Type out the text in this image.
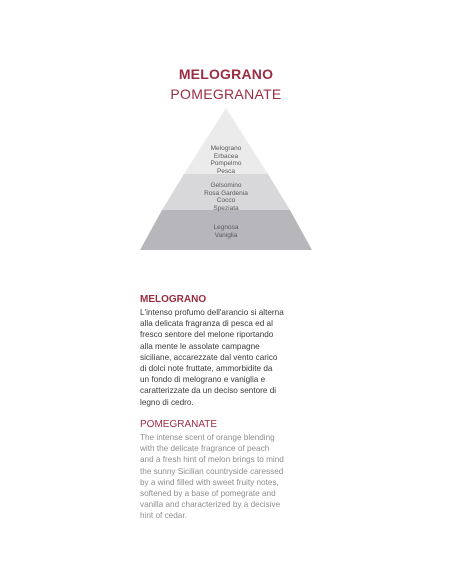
MELOGRANO
POMEGRANATE
Melograno
Erbacea
Pompelmo
Pesca
Gelsomino
Rosa Gardenia
Cocco
Speziata
Legnosa
Vaniglia
MELOGRANO
L'intenso profumo dell'arancio si alterna
alla delicata fragranza di pesca ed al
fresco sentore del melone riportando
alla mente le assolate campagne
siciliane, accarezzate dal vento carico
di dolci note fruttate, ammorbidite da
un fondo di melograno e vaniglia e
caratterizzate da un deciso sentore di
legno di cedro.
POMEGRANATE
The intense scent of orange blending
with the delicate fragrance of peach
and a fresh hint of melon brings to mind
the sunny Sicilian countryside caressed
by a wind filled with sweet fruity notes,
softened by a base of pomegrate and
vanilla and characterized by a decisive
hint of cedar.
